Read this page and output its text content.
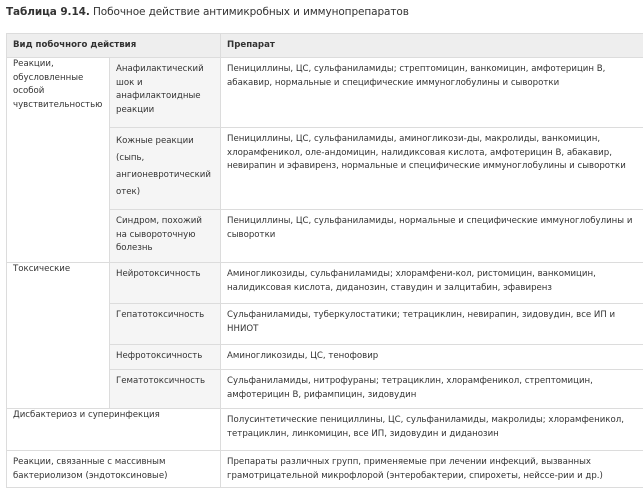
Таблица 9.14. Побочное действие антимикробных и иммунопрепаратов
Вид побочного действия		Препарат

Реакции, обусловленные особой чувствительностью	Анафилактический шок и анафилактоидные реакции	Пенициллины, ЦС, сульфаниламиды; стрептомицин, ванкомицин, амфотерицин В, абакавир, нормальные и специфические иммуноглобулины и сыворотки

	Кожные реакции (сыпь, ангионевротический отек)	Пенициллины, ЦС, сульфаниламиды, аминогликози-ды, макролиды, ванкомицин, хлорамфеникол, оле-андомицин, налидиксовая кислота, амфотерицин В, абакавир, невирапин и эфавиренз, нормальные и специфические иммуноглобулины и сыворотки

	Синдром, похожий на сывороточную болезнь	Пенициллины, ЦС, сульфаниламиды, нормальные и специфические иммуноглобулины и сыворотки

Токсические	Нейротоксичность	Аминогликозиды, сульфаниламиды; хлорамфени-кол, ристомицин, ванкомицин, налидиксовая кислота, диданозин, ставудин и залцитабин, эфавиренз

	Гепатотоксичность	Сульфаниламиды, туберкулостатики; тетрациклин, невирапин, зидовудин, все ИП и ННИОТ

	Нефротоксичность	Аминогликозиды, ЦС, тенофовир

	Гематотоксичность	Сульфаниламиды, нитрофураны; тетрациклин, хлорамфеникол, стрептомицин, амфотерицин В, рифампицин, зидовудин

Дисбактериоз и суперинфекция		Полусинтетические пенициллины, ЦС, сульфаниламиды, макролиды; хлорамфеникол, тетрациклин, линкомицин, все ИП, зидовудин и диданозин

Реакции, связанные с массивным бактериолизом (эндотоксиновые)		Препараты различных групп, применяемые при лечении инфекций, вызванных грамотрицательной микрофлорой (энтеробактерии, спирохеты, нейссе-рии и др.)
